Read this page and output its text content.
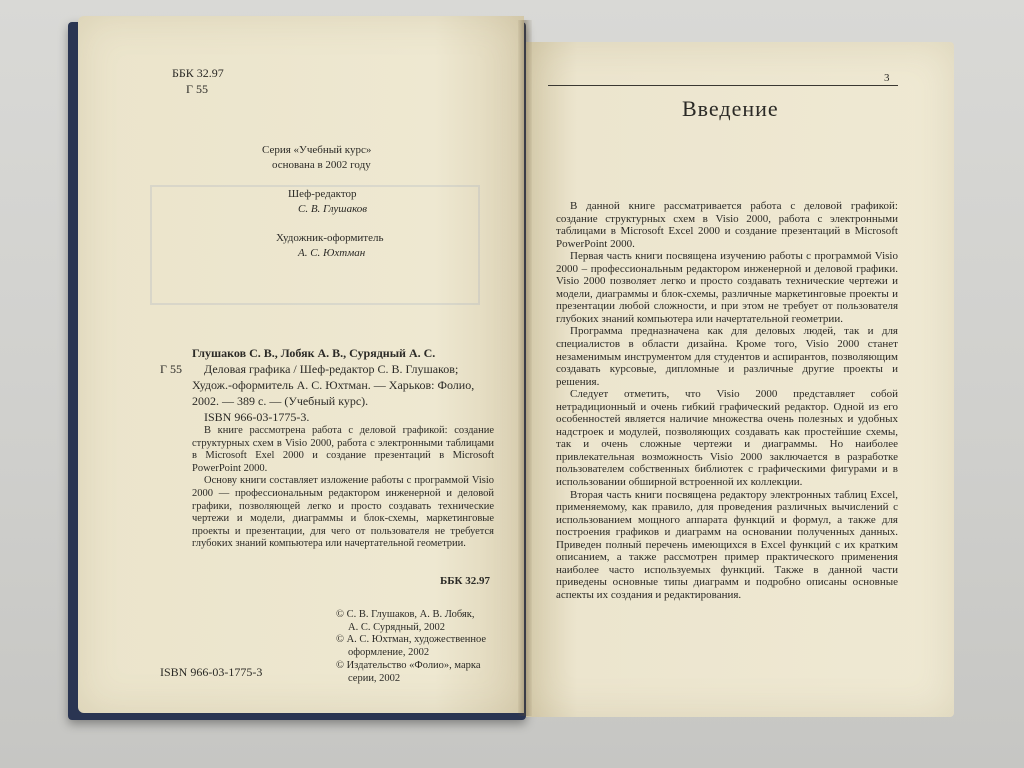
ББК 32.97
Г 55
Серия «Учебный курс»
основана в 2002 году
Шеф-редактор
С. В. Глушаков
Художник-оформитель
А. С. Юхтман
Глушаков С. В., Лобяк А. В., Сурядный А. С.
Г 55 Деловая графика / Шеф-редактор С. В. Глушаков;
Худож.-оформитель А. С. Юхтман. — Харьков: Фолио,
2002. — 389 с. — (Учебный курс).
ISBN 966-03-1775-3.

В книге рассмотрена работа с деловой графикой: создание структурных схем в Visio 2000, работа с электронными таблицами в Microsoft Exel 2000 и создание презентаций в Microsoft PowerPoint 2000.

Основу книги составляет изложение работы с программой Visio 2000 — профессиональным редактором инженерной и деловой графики, позволяющей легко и просто создавать технические чертежи и модели, диаграммы и блок-схемы, маркетинговые проекты и презентации, для чего от пользователя не требуется глубоких знаний компьютера или начертательной геометрии.

ББК 32.97
© С. В. Глушаков, А. В. Лобяк,
А. С. Сурядный, 2002
© А. С. Юхтман, художественное
оформление, 2002
© Издательство «Фолио», марка
серии, 2002
ISBN 966-03-1775-3
3
Введение

В данной книге рассматривается работа с деловой графикой: создание структурных схем в Visio 2000, работа с электронными таблицами в Microsoft Excel 2000 и создание презентаций в Microsoft PowerPoint 2000.

Первая часть книги посвящена изучению работы с программой Visio 2000 – профессиональным редактором инженерной и деловой графики. Visio 2000 позволяет легко и просто создавать технические чертежи и модели, диаграммы и блок-схемы, различные маркетинговые проекты и презентации любой сложности, и при этом не требует от пользователя глубоких знаний компьютера или начертательной геометрии.

Программа предназначена как для деловых людей, так и для специалистов в области дизайна. Кроме того, Visio 2000 станет незаменимым инструментом для студентов и аспирантов, позволяющим создавать курсовые, дипломные и различные другие проекты и решения.

Следует отметить, что Visio 2000 представляет собой нетрадиционный и очень гибкий графический редактор. Одной из его особенностей является наличие множества очень полезных и удобных надстроек и модулей, позволяющих создавать как простейшие схемы, так и очень сложные чертежи и диаграммы. Но наиболее привлекательная возможность Visio 2000 заключается в разработке пользователем собственных библиотек с графическими фигурами и в использовании обширной встроенной их коллекции.

Вторая часть книги посвящена редактору электронных таблиц Excel, применяемому, как правило, для проведения различных вычислений с использованием мощного аппарата функций и формул, а также для построения графиков и диаграмм на основании полученных данных. Приведен полный перечень имеющихся в Excel функций с их кратким описанием, а также рассмотрен пример практического применения наиболее часто используемых функций. Также в данной части приведены основные типы диаграмм и подробно описаны основные аспекты их создания и редактирования.
